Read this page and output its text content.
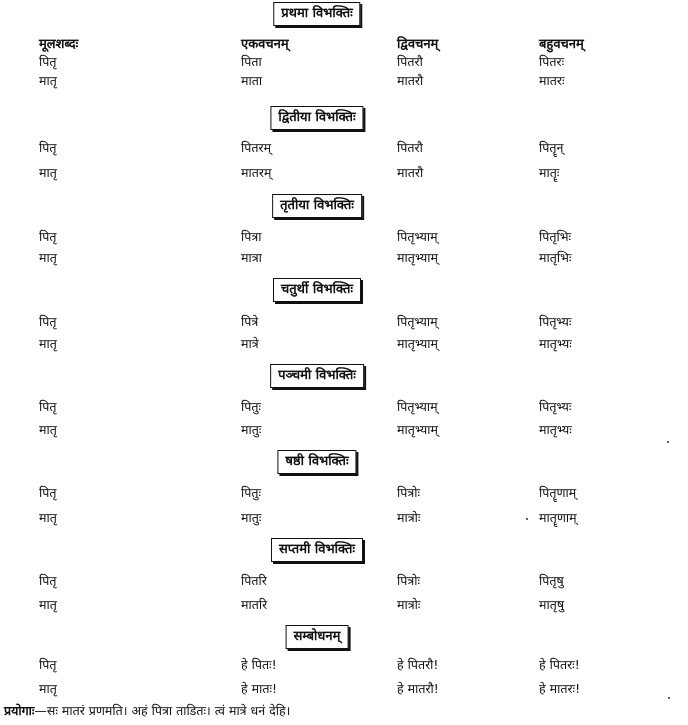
मूलशब्दः	एकवचनम्	द्विवचनम्	बहुवचनम्
प्रथमा विभक्तिः
पितृ	पिता	पितरौ	पितरः
मातृ	माता	मातरौ	मातरः
द्वितीया विभक्तिः
पितृ	पितरम्	पितरौ	पितॄन्
मातृ	मातरम्	मातरौ	मातॄः
तृतीया विभक्तिः
पितृ	पित्रा	पितृभ्याम्	पितृभिः
मातृ	मात्रा	मातृभ्याम्	मातृभिः
चतुर्थी विभक्तिः
पितृ	पित्रे	पितृभ्याम्	पितृभ्यः
मातृ	मात्रे	मातृभ्याम्	मातृभ्यः
पञ्चमी विभक्तिः
पितृ	पितुः	पितृभ्याम्	पितृभ्यः
मातृ	मातुः	मातृभ्याम्	मातृभ्यः
षष्ठी विभक्तिः
पितृ	पितुः	पित्रोः	पितॄणाम्
मातृ	मातुः	मात्रोः	मातॄणाम्
सप्तमी विभक्तिः
पितृ	पितरि	पित्रोः	पितृषु
मातृ	मातरि	मात्रोः	मातृषु
सम्बोधनम्
पितृ	हे पितः!	हे पितरौ!	हे पितरः!
मातृ	हे मातः!	हे मातरौ!	हे मातरः!
प्रयोगाः—सः मातरं प्रणमति। अहं पित्रा ताडितः। त्वं मात्रे धनं देहि।
